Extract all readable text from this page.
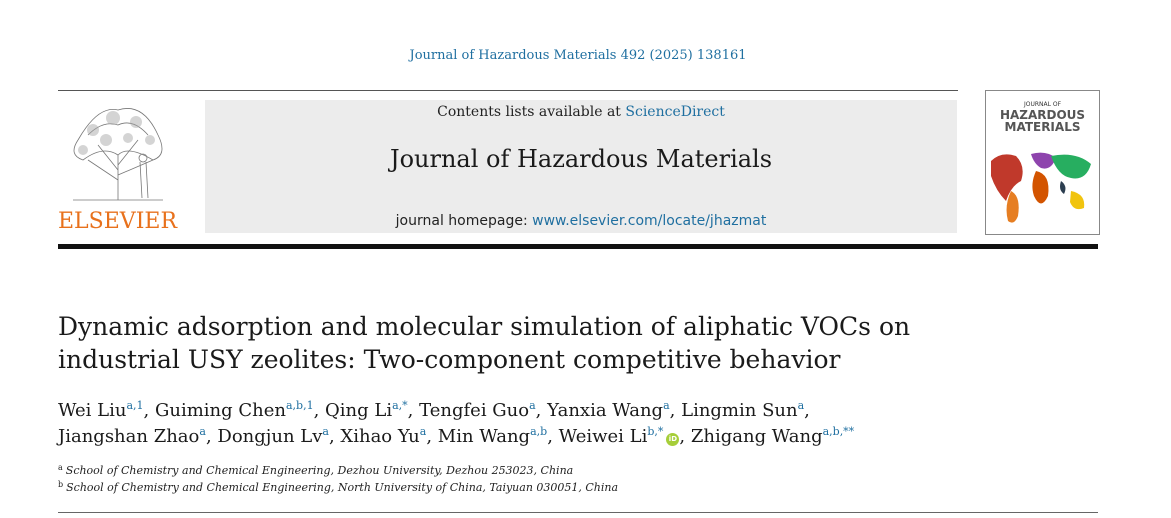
Journal of Hazardous Materials 492 (2025) 138161
ELSEVIER
Contents lists available at ScienceDirect
Journal of Hazardous Materials
journal homepage: www.elsevier.com/locate/jhazmat
JOURNAL OF
HAZARDOUS
MATERIALS
Dynamic adsorption and molecular simulation of aliphatic VOCs on
industrial USY zeolites: Two-component competitive behavior
Wei Liu$^{a,1}$, Guiming Chen$^{a,b,1}$, Qing $Li^{a,*}$, Tengfei Guo$^a$, Yanxia Wang$^a$, Lingmin Sun$^a$,
Jiangshan Zhao$^a$, Dongjun Lv$^a$, Xihao Yu$^a$, Min Wang$^{a,b}$, Weiwei $Li^{b,*}iD$ , Zhigang Wang$^{a,b,**}$
$^a$ School of Chemistry and Chemical Engineering, Dezhou University, Dezhou 253023, China
$^b$ School of Chemistry and Chemical Engineering, North University of China, Taiyuan 030051, China
